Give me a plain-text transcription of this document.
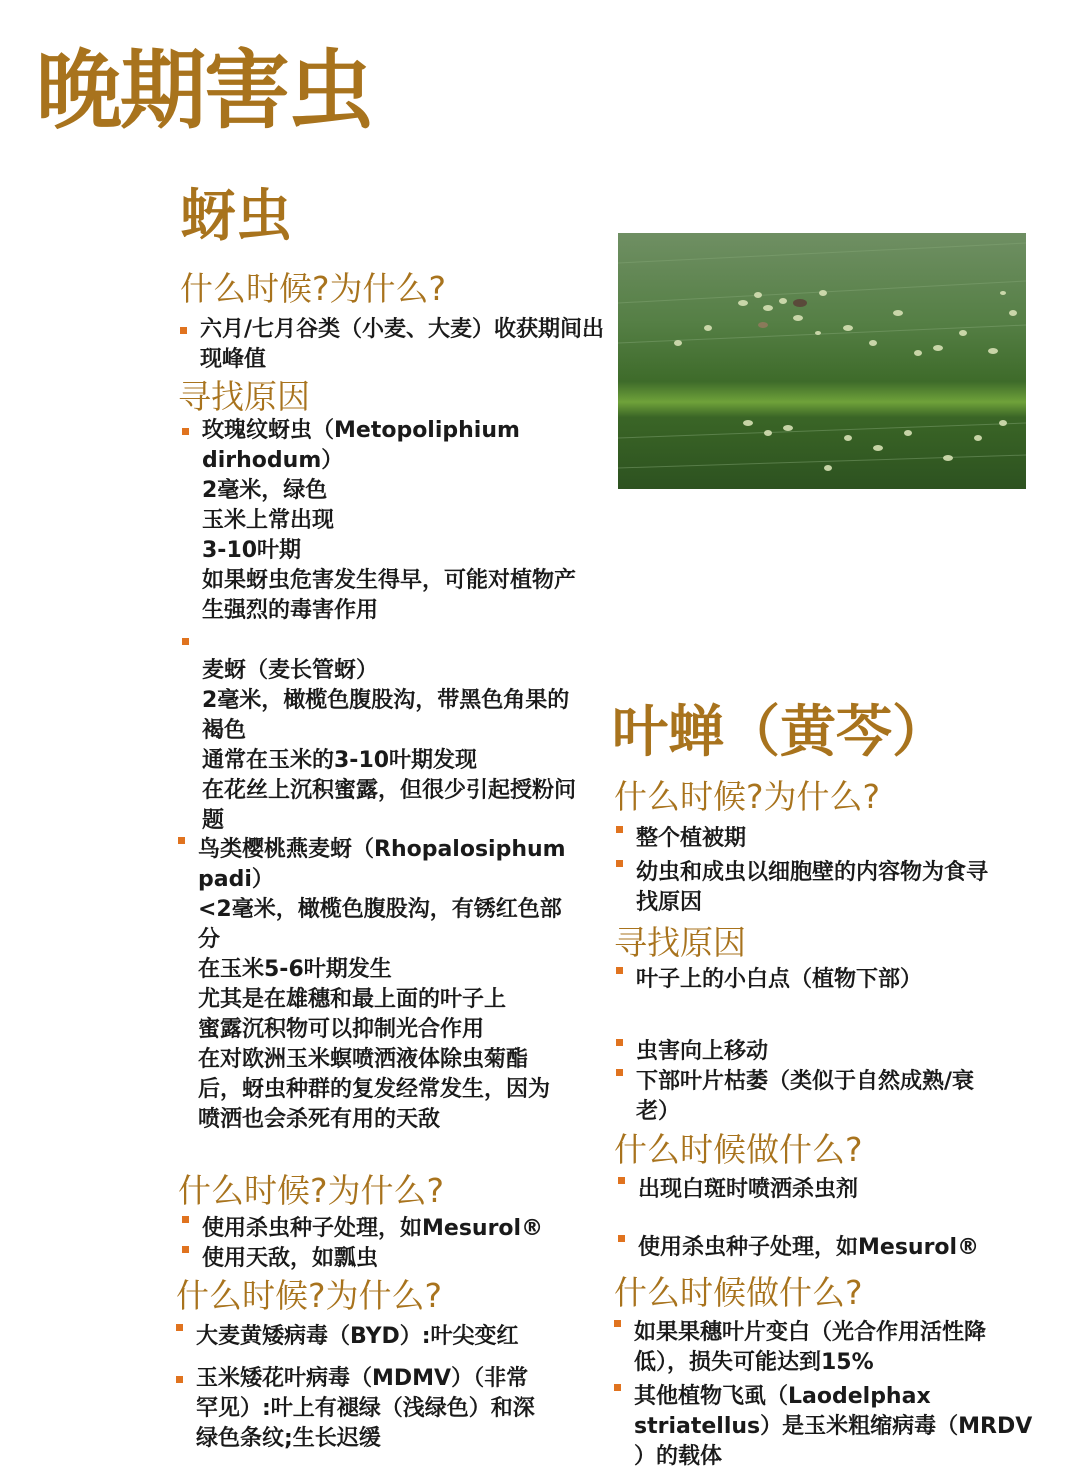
晚期害虫
蚜虫
什么时候?为什么?
六月/七月谷类（小麦、大麦）收获期间出
现峰值
寻找原因
玫瑰纹蚜虫（Metopoliphium
dirhodum）
2毫米，绿色
玉米上常出现
3-10叶期
如果蚜虫危害发生得早，可能对植物产
生强烈的毒害作用
麦蚜（麦长管蚜）
2毫米，橄榄色腹股沟，带黑色角果的
褐色
通常在玉米的3-10叶期发现
在花丝上沉积蜜露，但很少引起授粉问
题
鸟类樱桃燕麦蚜（Rhopalosiphum
padi）
<2毫米，橄榄色腹股沟，有锈红色部
分
在玉米5-6叶期发生
尤其是在雄穗和最上面的叶子上
蜜露沉积物可以抑制光合作用
在对欧洲玉米螟喷洒液体除虫菊酯
后，蚜虫种群的复发经常发生，因为
喷洒也会杀死有用的天敌
什么时候?为什么?
使用杀虫种子处理，如Mesurol®
使用天敌，如瓢虫
什么时候?为什么?
大麦黄矮病毒（BYD）:叶尖变红
玉米矮花叶病毒（MDMV）（非常
罕见）:叶上有褪绿（浅绿色）和深
绿色条纹;生长迟缓
叶蝉（黄芩）
什么时候?为什么?
整个植被期
幼虫和成虫以细胞壁的内容物为食寻
找原因
寻找原因
叶子上的小白点（植物下部）
虫害向上移动
下部叶片枯萎（类似于自然成熟/衰
老）
什么时候做什么?
出现白斑时喷洒杀虫剂
使用杀虫种子处理，如Mesurol®
什么时候做什么?
如果果穗叶片变白（光合作用活性降
低），损失可能达到15%
其他植物飞虱（Laodelphax
striatellus）是玉米粗缩病毒（MRDV
）的载体
